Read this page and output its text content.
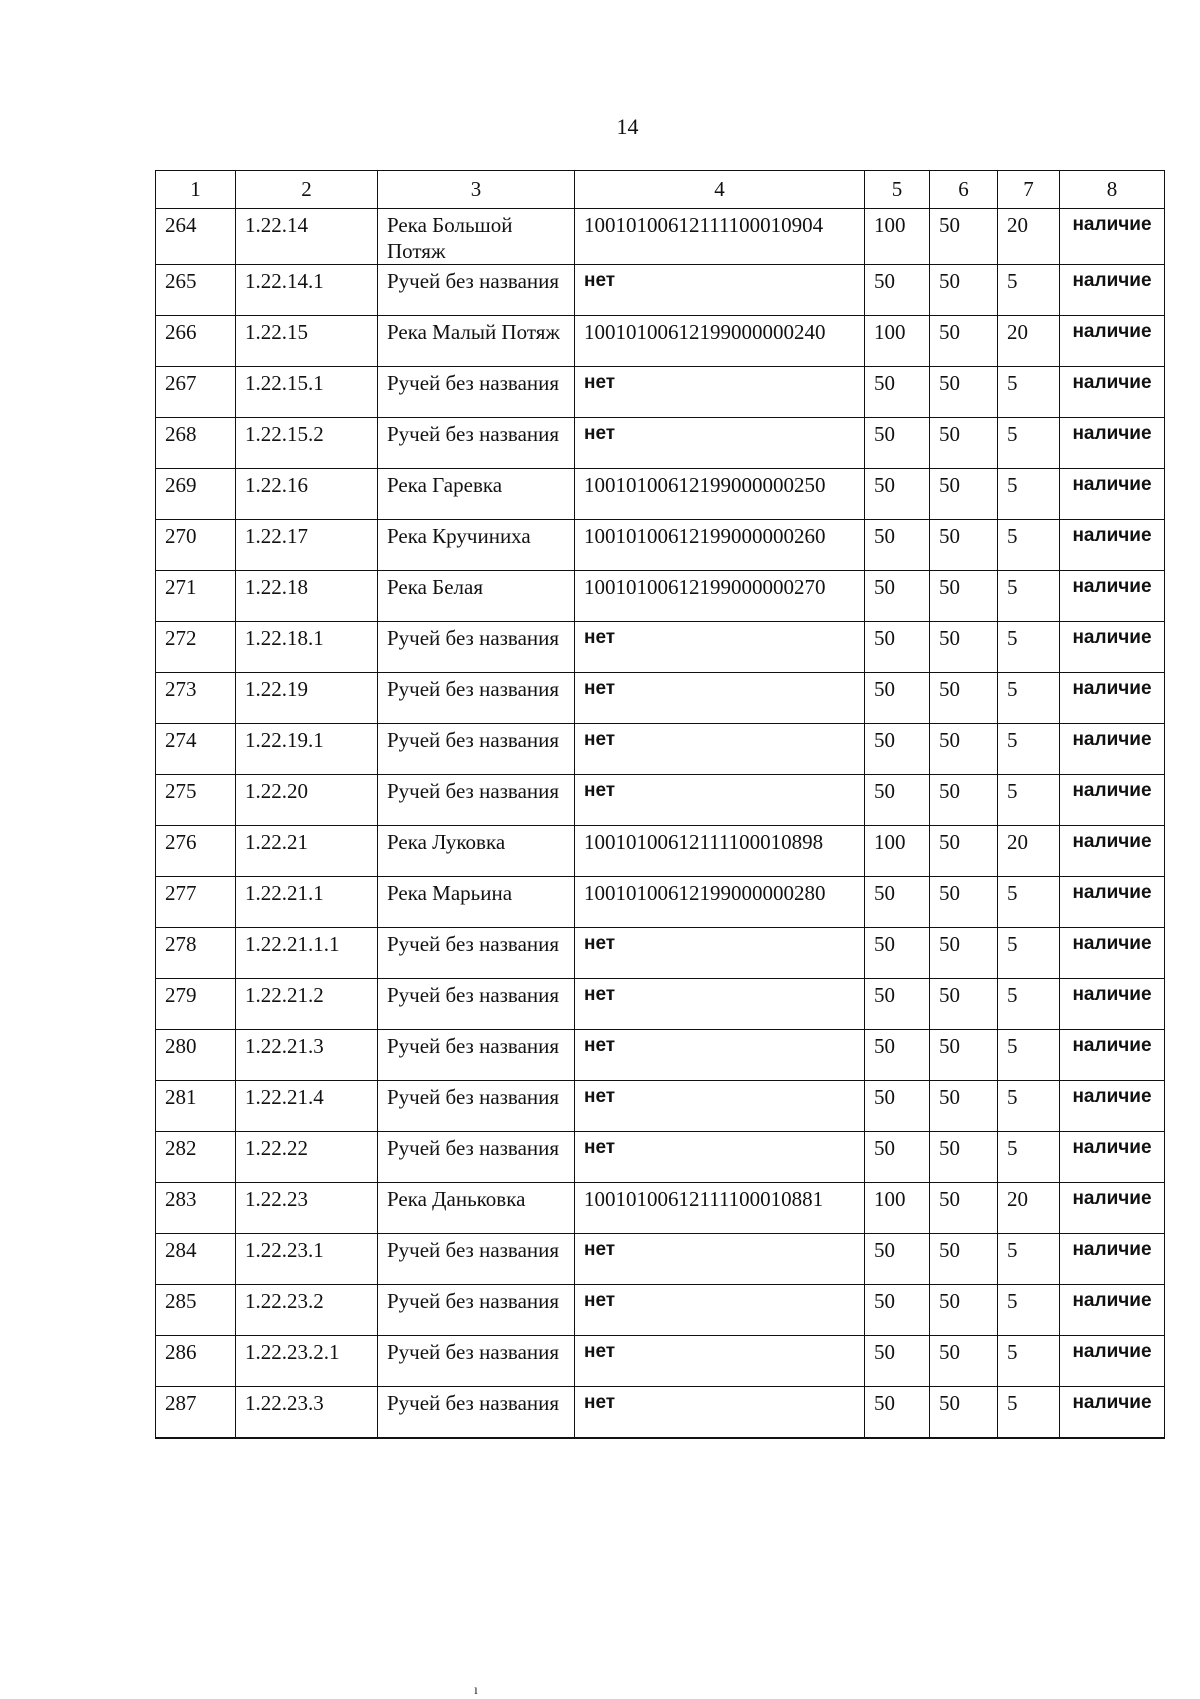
14
1	2	3	4	5	6	7	8
264	1.22.14	Река Большой Потяж	10010100612111100010904	100	50	20	наличие
265	1.22.14.1	Ручей без названия	нет	50	50	5	наличие
266	1.22.15	Река Малый Потяж	10010100612199000000240	100	50	20	наличие
267	1.22.15.1	Ручей без названия	нет	50	50	5	наличие
268	1.22.15.2	Ручей без названия	нет	50	50	5	наличие
269	1.22.16	Река Гаревка	10010100612199000000250	50	50	5	наличие
270	1.22.17	Река Кручиниха	10010100612199000000260	50	50	5	наличие
271	1.22.18	Река Белая	10010100612199000000270	50	50	5	наличие
272	1.22.18.1	Ручей без названия	нет	50	50	5	наличие
273	1.22.19	Ручей без названия	нет	50	50	5	наличие
274	1.22.19.1	Ручей без названия	нет	50	50	5	наличие
275	1.22.20	Ручей без названия	нет	50	50	5	наличие
276	1.22.21	Река Луковка	10010100612111100010898	100	50	20	наличие
277	1.22.21.1	Река Марьина	10010100612199000000280	50	50	5	наличие
278	1.22.21.1.1	Ручей без названия	нет	50	50	5	наличие
279	1.22.21.2	Ручей без названия	нет	50	50	5	наличие
280	1.22.21.3	Ручей без названия	нет	50	50	5	наличие
281	1.22.21.4	Ручей без названия	нет	50	50	5	наличие
282	1.22.22	Ручей без названия	нет	50	50	5	наличие
283	1.22.23	Река Даньковка	10010100612111100010881	100	50	20	наличие
284	1.22.23.1	Ручей без названия	нет	50	50	5	наличие
285	1.22.23.2	Ручей без названия	нет	50	50	5	наличие
286	1.22.23.2.1	Ручей без названия	нет	50	50	5	наличие
287	1.22.23.3	Ручей без названия	нет	50	50	5	наличие
ı
